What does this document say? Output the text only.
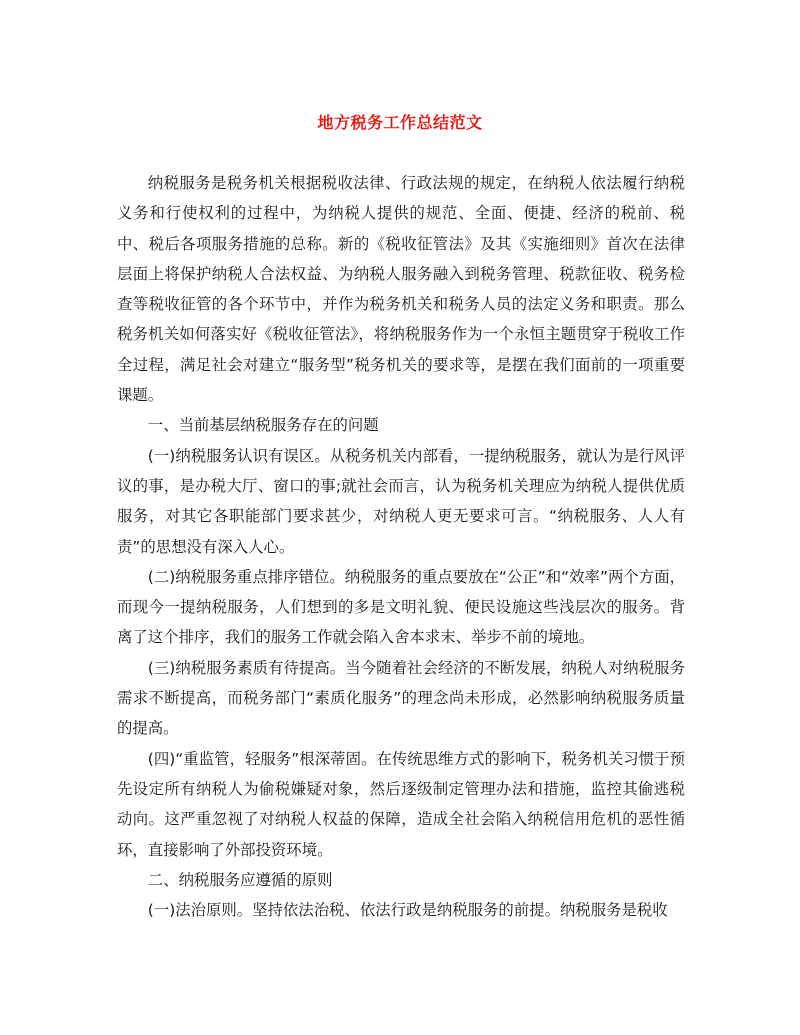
地方税务工作总结范文

纳税服务是税务机关根据税收法律、行政法规的规定，在纳税人依法履行纳税义务和行使权利的过程中，为纳税人提供的规范、全面、便捷、经济的税前、税中、税后各项服务措施的总称。新的《税收征管法》及其《实施细则》首次在法律层面上将保护纳税人合法权益、为纳税人服务融入到税务管理、税款征收、税务检查等税收征管的各个环节中，并作为税务机关和税务人员的法定义务和职责。那么税务机关如何落实好《税收征管法》，将纳税服务作为一个永恒主题贯穿于税收工作全过程，满足社会对建立“服务型”税务机关的要求等，是摆在我们面前的一项重要课题。

一、当前基层纳税服务存在的问题

(一)纳税服务认识有误区。从税务机关内部看，一提纳税服务，就认为是行风评议的事，是办税大厅、窗口的事;就社会而言，认为税务机关理应为纳税人提供优质服务，对其它各职能部门要求甚少，对纳税人更无要求可言。“纳税服务、人人有责”的思想没有深入人心。

(二)纳税服务重点排序错位。纳税服务的重点要放在“公正”和“效率”两个方面，而现今一提纳税服务，人们想到的多是文明礼貌、便民设施这些浅层次的服务。背离了这个排序，我们的服务工作就会陷入舍本求末、举步不前的境地。

(三)纳税服务素质有待提高。当今随着社会经济的不断发展，纳税人对纳税服务需求不断提高，而税务部门“素质化服务”的理念尚未形成，必然影响纳税服务质量的提高。

(四)“重监管，轻服务”根深蒂固。在传统思维方式的影响下，税务机关习惯于预先设定所有纳税人为偷税嫌疑对象，然后逐级制定管理办法和措施，监控其偷逃税动向。这严重忽视了对纳税人权益的保障，造成全社会陷入纳税信用危机的恶性循环，直接影响了外部投资环境。

二、纳税服务应遵循的原则

(一)法治原则。坚持依法治税、依法行政是纳税服务的前提。纳税服务是税收
